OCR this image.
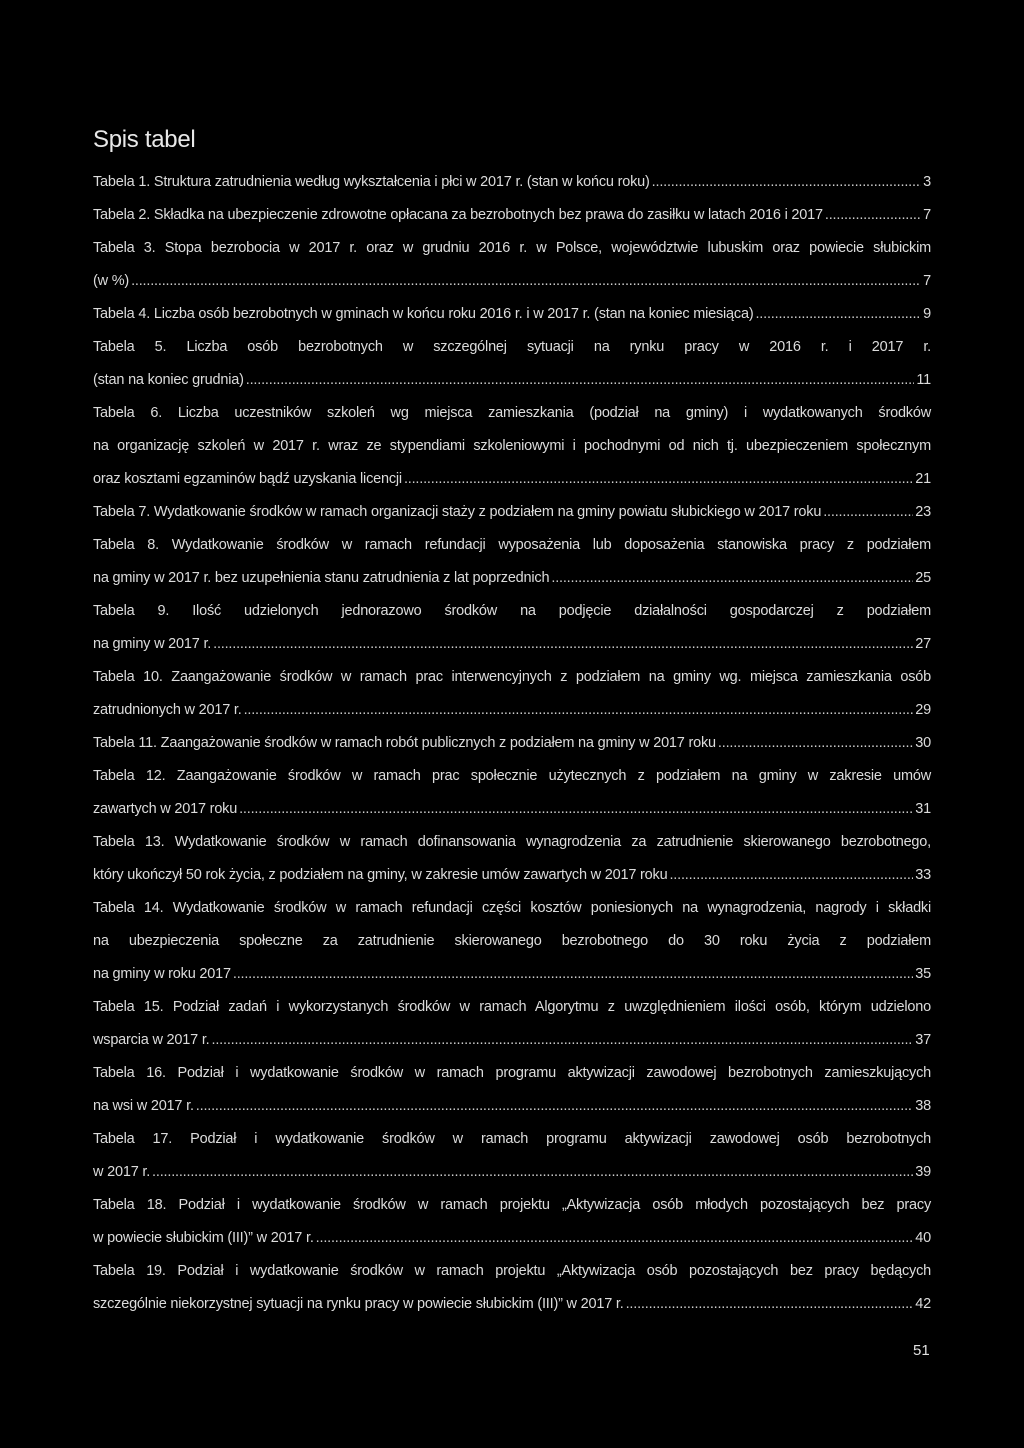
Spis tabel
Tabela 1. Struktura zatrudnienia według wykształcenia i płci w 2017 r. (stan w końcu roku) .....	3
Tabela 2. Składka na ubezpieczenie zdrowotne opłacana za bezrobotnych bez prawa do zasiłku w latach 2016 i 2017 .....	7
Tabela 3. Stopa bezrobocia w 2017 r. oraz w grudniu 2016 r. w Polsce, województwie lubuskim oraz powiecie słubickim
(w %) .....	7
Tabela 4. Liczba osób bezrobotnych w gminach w końcu roku 2016 r. i w 2017 r. (stan na koniec miesiąca) .....	9
Tabela 5. Liczba osób bezrobotnych w szczególnej sytuacji na rynku pracy w 2016 r. i 2017 r.
(stan na koniec grudnia) .....	11
Tabela 6. Liczba uczestników szkoleń wg miejsca zamieszkania (podział na gminy) i wydatkowanych środków
na organizację szkoleń w 2017 r. wraz ze stypendiami szkoleniowymi i pochodnymi od nich tj. ubezpieczeniem społecznym
oraz kosztami egzaminów bądź uzyskania licencji .....	21
Tabela 7. Wydatkowanie środków w ramach organizacji staży z podziałem na gminy powiatu słubickiego w 2017 roku .....	23
Tabela 8. Wydatkowanie środków w ramach refundacji wyposażenia lub doposażenia stanowiska pracy z podziałem
na gminy w 2017 r. bez uzupełnienia stanu zatrudnienia z lat poprzednich .....	25
Tabela 9. Ilość udzielonych jednorazowo środków na podjęcie działalności gospodarczej z podziałem
na gminy w 2017 r. .....	27
Tabela 10. Zaangażowanie środków w ramach prac interwencyjnych z podziałem na gminy wg. miejsca zamieszkania osób
zatrudnionych w 2017 r. .....	29
Tabela 11. Zaangażowanie środków w ramach robót publicznych z podziałem na gminy w 2017 roku .....	30
Tabela 12. Zaangażowanie środków w ramach prac społecznie użytecznych z podziałem na gminy w zakresie umów
zawartych w 2017 roku .....	31
Tabela 13. Wydatkowanie środków w ramach dofinansowania wynagrodzenia za zatrudnienie skierowanego bezrobotnego,
który ukończył 50 rok życia, z podziałem na gminy, w zakresie umów zawartych w 2017 roku .....	33
Tabela 14. Wydatkowanie środków w ramach refundacji części kosztów poniesionych na wynagrodzenia, nagrody i składki
na ubezpieczenia społeczne za zatrudnienie skierowanego bezrobotnego do 30 roku życia z podziałem
na gminy w roku 2017 .....	35
Tabela 15. Podział zadań i wykorzystanych środków w ramach Algorytmu z uwzględnieniem ilości osób, którym udzielono
wsparcia w 2017 r. .....	37
Tabela 16. Podział i wydatkowanie środków w ramach programu aktywizacji zawodowej bezrobotnych zamieszkujących
na wsi w 2017 r. .....	38
Tabela 17. Podział i wydatkowanie środków w ramach programu aktywizacji zawodowej osób bezrobotnych
w 2017 r. .....	39
Tabela 18. Podział i wydatkowanie środków w ramach projektu „Aktywizacja osób młodych pozostających bez pracy
w powiecie słubickim (III)” w 2017 r. .....	40
Tabela 19. Podział i wydatkowanie środków w ramach projektu „Aktywizacja osób pozostających bez pracy będących
szczególnie niekorzystnej sytuacji na rynku pracy w powiecie słubickim (III)” w 2017 r. .....	42
51
